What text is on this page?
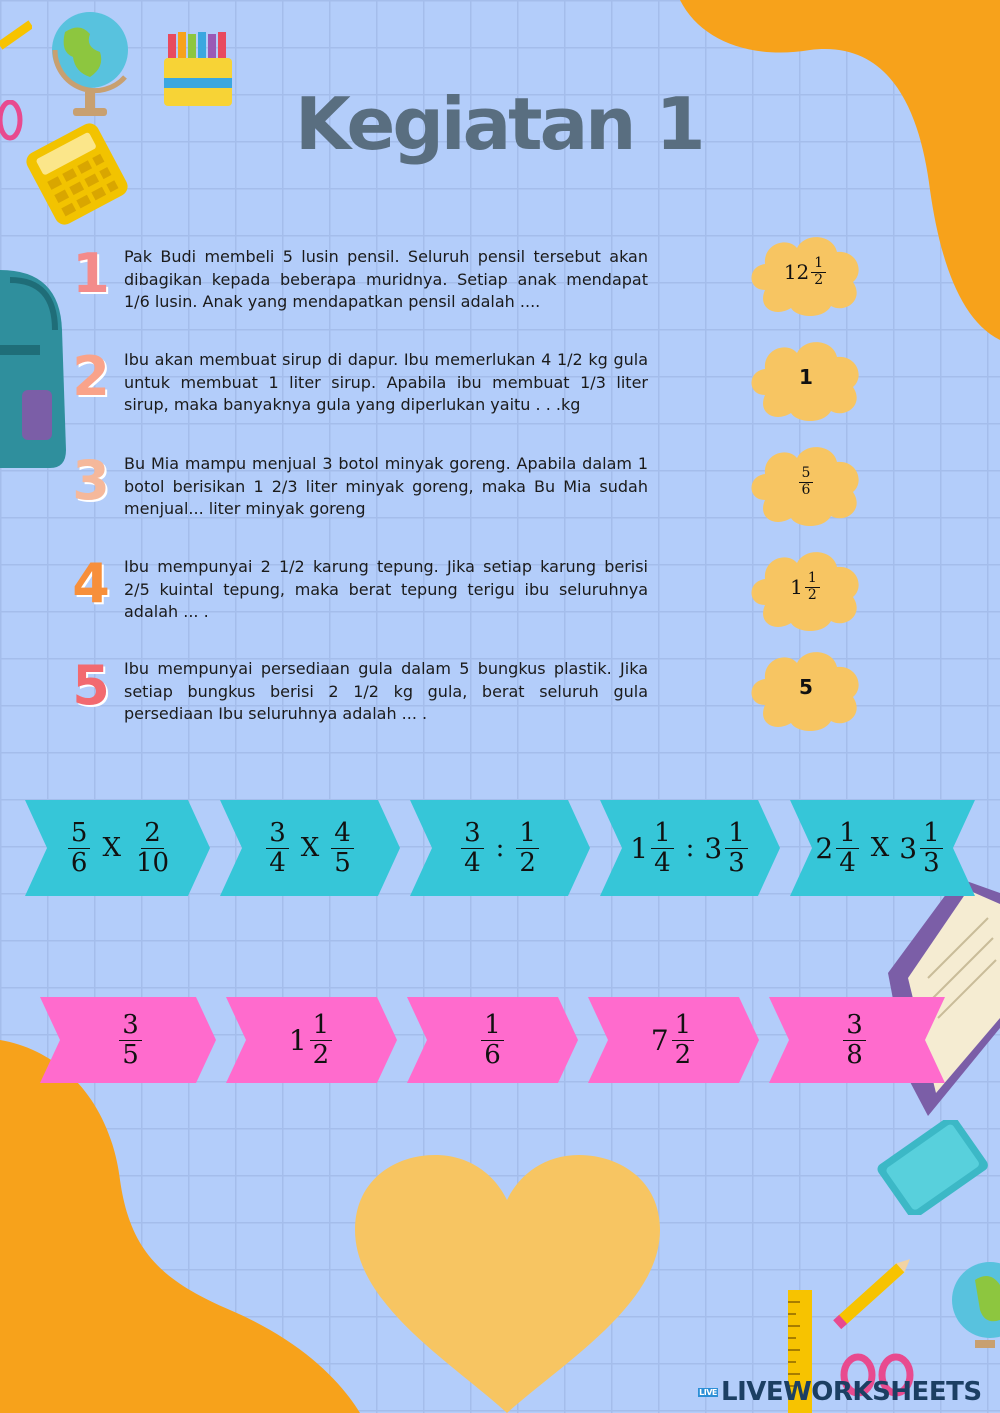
Kegiatan 1
1 Pak Budi membeli 5 lusin pensil. Seluruh pensil tersebut akan dibagikan kepada beberapa muridnya. Setiap anak mendapat 1/6 lusin. Anak yang mendapatkan pensil adalah ....
2 Ibu akan membuat sirup di dapur. Ibu memerlukan 4 1/2 kg gula untuk membuat 1 liter sirup. Apabila ibu membuat 1/3 liter sirup, maka banyaknya gula yang diperlukan yaitu . . .kg
3 Bu Mia mampu menjual 3 botol minyak goreng. Apabila dalam 1 botol berisikan 1 2/3 liter minyak goreng, maka Bu Mia sudah menjual... liter minyak goreng
4 Ibu mempunyai 2 1/2 karung tepung. Jika setiap karung berisi 2/5 kuintal tepung, maka berat tepung terigu ibu seluruhnya adalah ... .
5 Ibu mempunyai persediaan gula dalam 5 bungkus plastik. Jika setiap bungkus berisi 2 1/2 kg gula, berat seluruh gula persediaan Ibu seluruhnya adalah ... .
$12 \frac{1}{2}$
1
$\frac{5}{6}$
$1 \frac{1}{2}$
5
$\frac{5}{6}$ X $\frac{2}{10}$	$\frac{3}{4}$ X $\frac{4}{5}$	$\frac{3}{4}$ : $\frac{1}{2}$	$1 \frac{1}{4}$ : $3 \frac{1}{3} 2 \frac{1}{4}$ X $3 \frac{1}{3}$
$\frac{3}{5}$	$1 \frac{1}{2}$	$\frac{1}{6}$	$7 \frac{1}{2}$	$\frac{3}{8}$
LIVE LIVEWORKSHEETS
